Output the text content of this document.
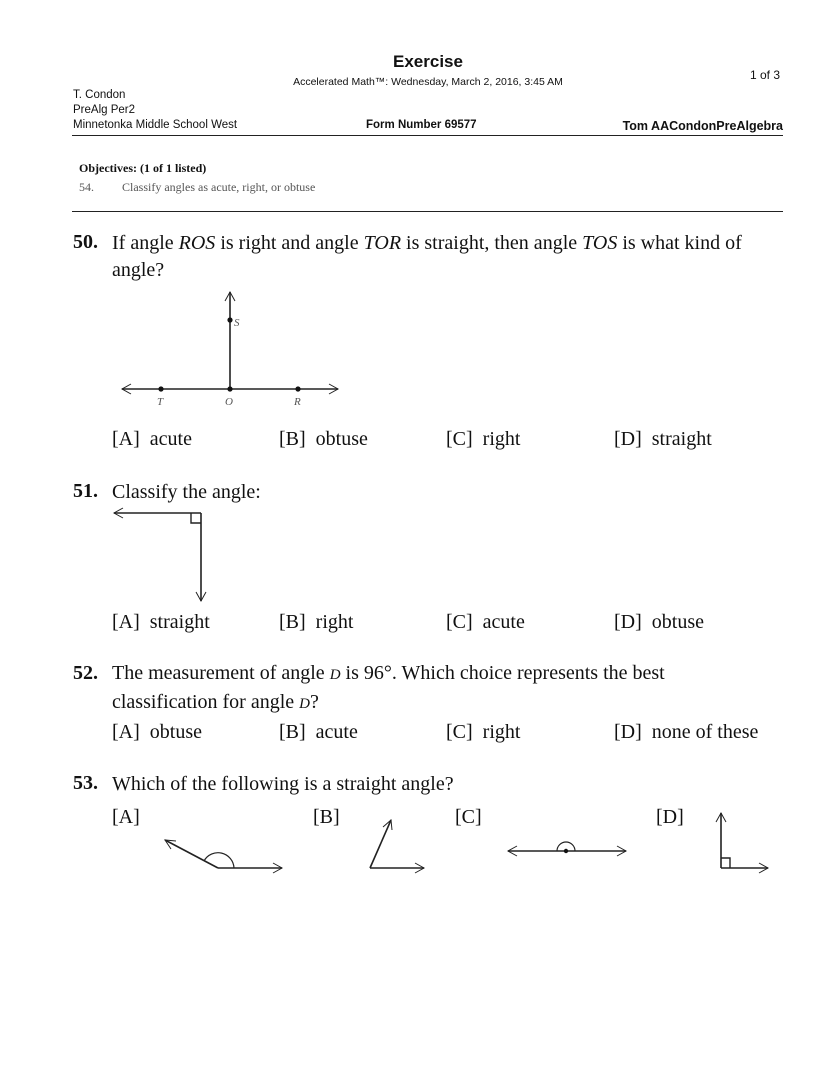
Exercise
Accelerated Math™: Wednesday, March 2, 2016, 3:45 AM	1 of 3
T. Condon
PreAlg Per2
Minnetonka Middle School West	Form Number 69577	Tom AACondonPreAlgebra
Objectives: (1 of 1 listed)
54. Classify angles as acute, right, or obtuse
50. If angle ROS is right and angle TOR is straight, then angle TOS is what kind of angle?
S
T	O	R
[A] acute	[B] obtuse	[C] right	[D] straight
51. Classify the angle:
[A] straight	[B] right	[C] acute	[D] obtuse
52. The measurement of angle D is 96°. Which choice represents the best classification for angle D?
[A] obtuse	[B] acute	[C] right	[D] none of these
53. Which of the following is a straight angle?
[A]	[B]	[C]	[D]
